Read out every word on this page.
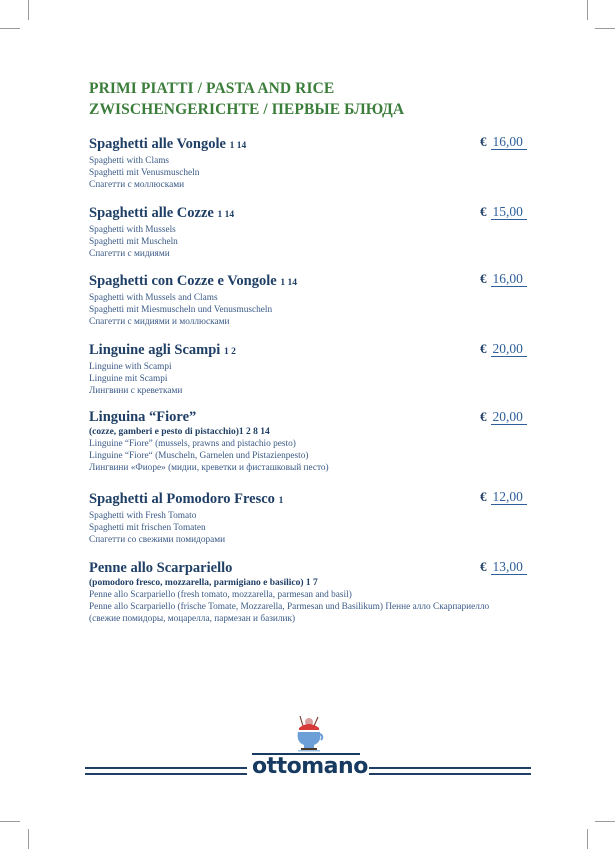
PRIMI PIATTI / PASTA AND RICE
ZWISCHENGERICHTE / ПЕРВЫЕ БЛЮДА
Spaghetti alle Vongole 1 14
Spaghetti with Clams
Spaghetti mit Venusmuscheln
Спагетти с моллюсками
€ 16,00
Spaghetti alle Cozze 1 14
Spaghetti with Mussels
Spaghetti mit Muscheln
Спагетти с мидиями
€ 15,00
Spaghetti con Cozze e Vongole 1 14
Spaghetti with Mussels and Clams
Spaghetti mit Miesmuscheln und Venusmuscheln
Спагетти с мидиями и моллюсками
€ 16,00
Linguine agli Scampi 1 2
Linguine with Scampi
Linguine mit Scampi
Лингвини с креветками
€ 20,00
Linguina “Fiore”
(cozze, gamberi e pesto di pistacchio)1 2 8 14
Linguine “Fiore” (mussels, prawns and pistachio pesto)
Linguine “Fiore“ (Muscheln, Garnelen und Pistazienpesto)
Лингвини «Фиоре» (мидии, креветки и фисташковый песто)
€ 20,00
Spaghetti al Pomodoro Fresco 1
Spaghetti with Fresh Tomato
Spaghetti mit frischen Tomaten
Спагетти со свежими помидорами
€ 12,00
Penne allo Scarpariello
(pomodoro fresco, mozzarella, parmigiano e basilico) 1 7
Penne allo Scarpariello (fresh tomato, mozzarella, parmesan and basil)
Penne allo Scarpariello (frische Tomate, Mozzarella, Parmesan und Basilikum) Пенне алло Скарпариелло
(свежие помидоры, моцарелла, пармезан и базилик)
€ 13,00
ottomano
